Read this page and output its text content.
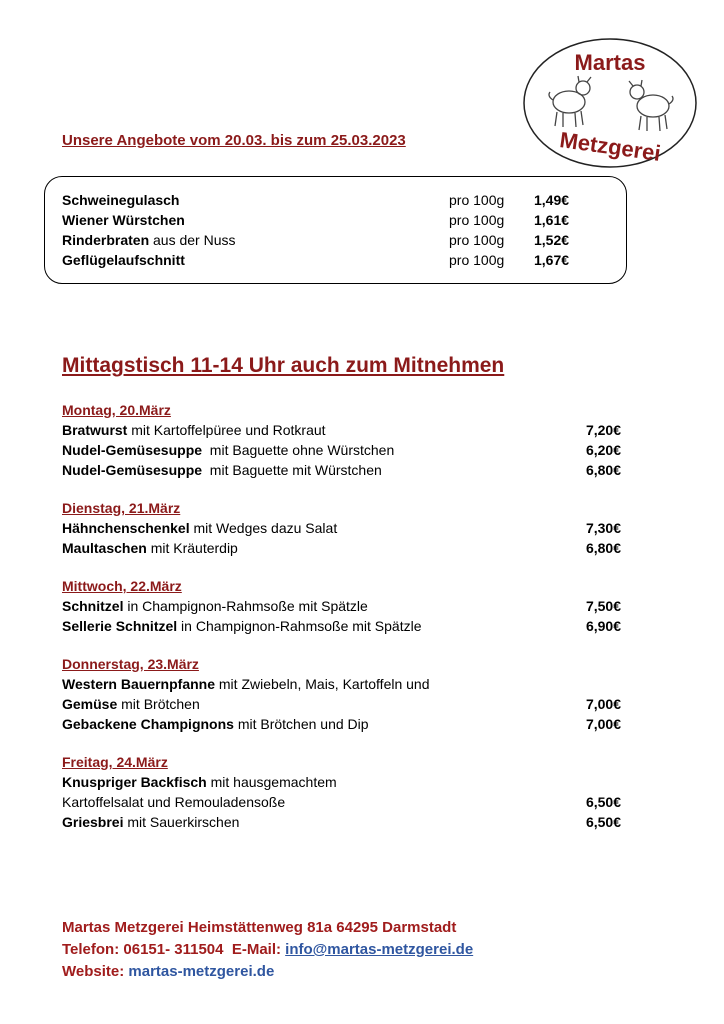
Martas
Metzgerei
Unsere Angebote vom 20.03. bis zum 25.03.2023
Schweinegulasch	pro 100g 1,49€
Wiener Würstchen	pro 100g 1,61€
Rinderbraten aus der Nuss	pro 100g 1,52€
Geflügelaufschnitt	pro 100g 1,67€
Mittagstisch 11-14 Uhr auch zum Mitnehmen
Montag, 20.März
Bratwurst mit Kartoffelpüree und Rotkraut	7,20€
Nudel-Gemüsesuppe  mit Baguette ohne Würstchen	6,20€
Nudel-Gemüsesuppe  mit Baguette mit Würstchen	6,80€
Dienstag, 21.März
Hähnchenschenkel mit Wedges dazu Salat	7,30€
Maultaschen mit Kräuterdip	6,80€
Mittwoch, 22.März
Schnitzel in Champignon-Rahmsoße mit Spätzle	7,50€
Sellerie Schnitzel in Champignon-Rahmsoße mit Spätzle	6,90€
Donnerstag, 23.März
Western Bauernpfanne mit Zwiebeln, Mais, Kartoffeln und
Gemüse mit Brötchen	7,00€
Gebackene Champignons mit Brötchen und Dip	7,00€
Freitag, 24.März
Knuspriger Backfisch mit hausgemachtem
Kartoffelsalat und Remouladensoße	6,50€
Griesbrei mit Sauerkirschen	6,50€
Martas Metzgerei Heimstättenweg 81a 64295 Darmstadt
Telefon: 06151- 311504  E-Mail: info@martas-metzgerei.de
Website: martas-metzgerei.de
